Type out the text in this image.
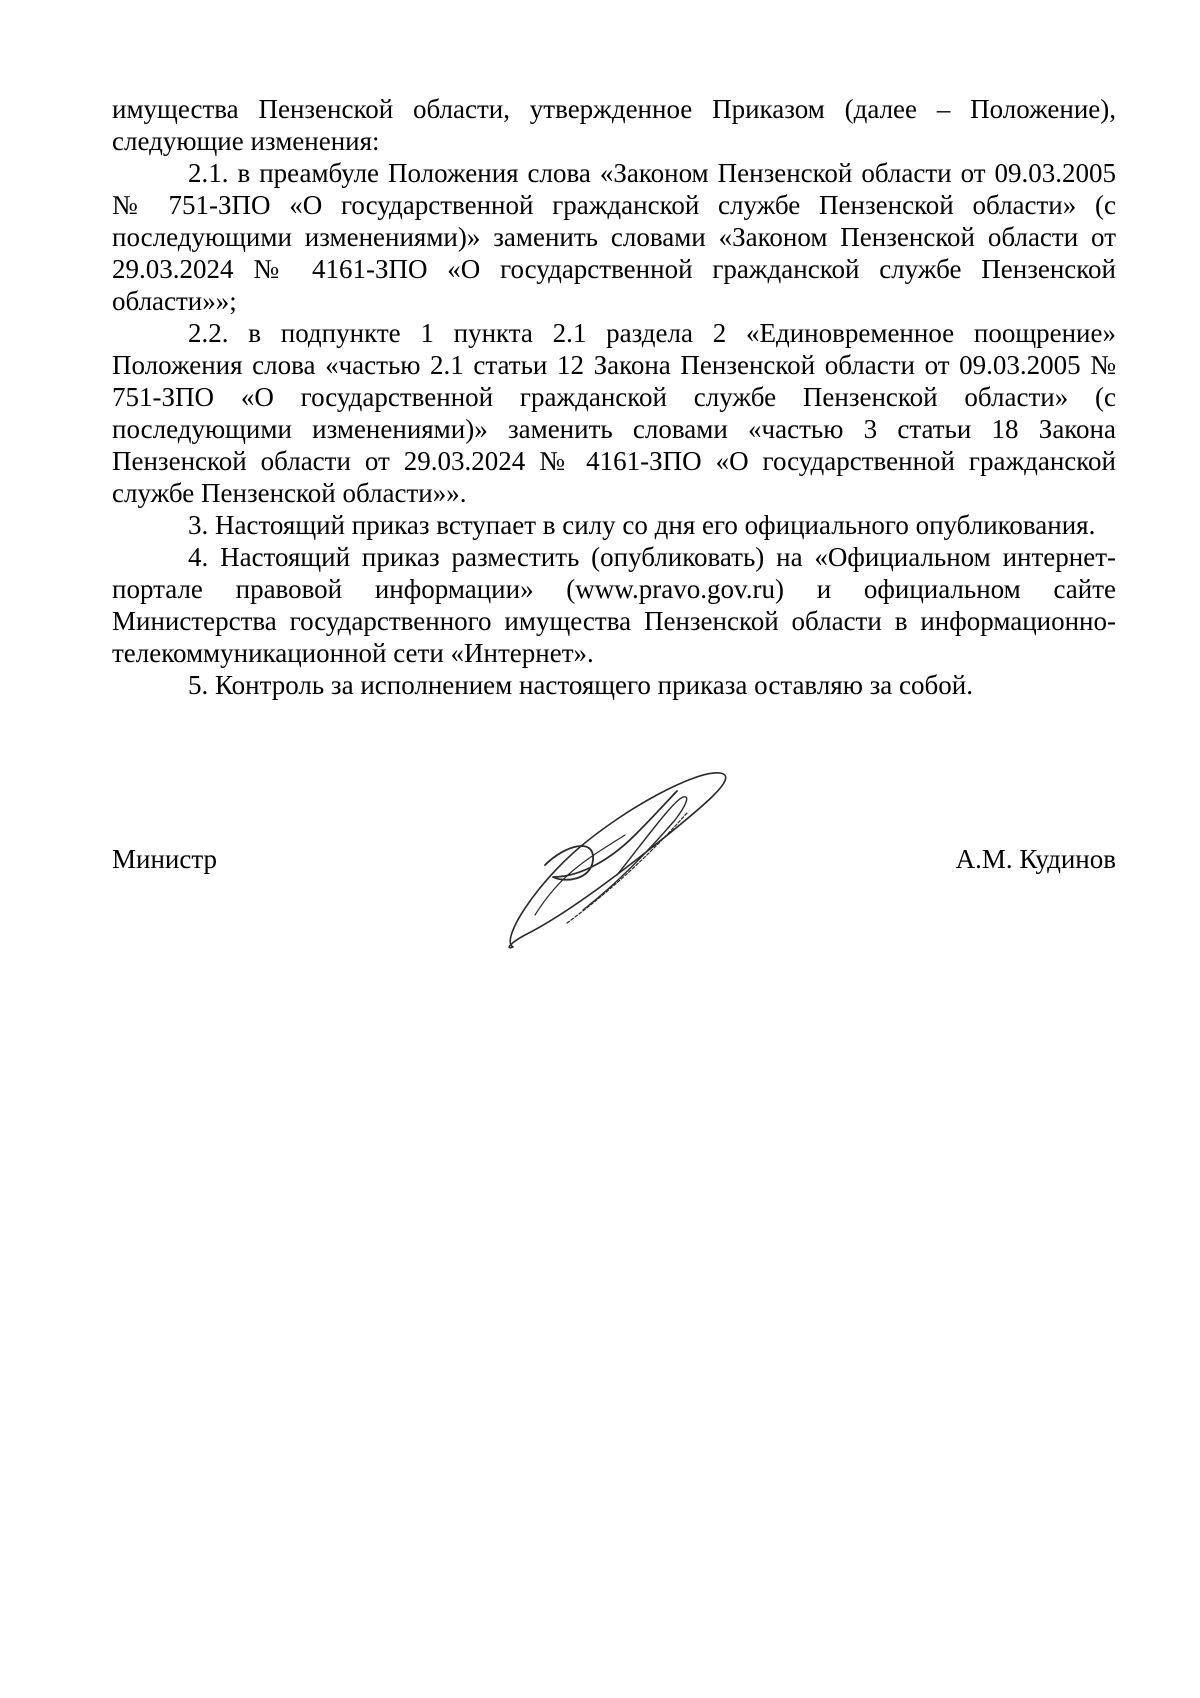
имущества Пензенской области, утвержденное Приказом (далее – Положение), следующие изменения:

2.1. в преамбуле Положения слова «Законом Пензенской области от 09.03.2005 № 751-ЗПО «О государственной гражданской службе Пензенской области» (с последующими изменениями)» заменить словами «Законом Пензенской области от 29.03.2024 № 4161-ЗПО «О государственной гражданской службе Пензенской области»»;

2.2. в подпункте 1 пункта 2.1 раздела 2 «Единовременное поощрение» Положения слова «частью 2.1 статьи 12 Закона Пензенской области от 09.03.2005 № 751-ЗПО «О государственной гражданской службе Пензенской области» (с последующими изменениями)» заменить словами «частью 3 статьи 18 Закона Пензенской области от 29.03.2024 № 4161-ЗПО «О государственной гражданской службе Пензенской области»».

3. Настоящий приказ вступает в силу со дня его официального опубликования.

4. Настоящий приказ разместить (опубликовать) на «Официальном интернет-портале правовой информации» (www.pravo.gov.ru) и официальном сайте Министерства государственного имущества Пензенской области в информационно-телекоммуникационной сети «Интернет».

5. Контроль за исполнением настоящего приказа оставляю за собой.

Министр	А.М. Кудинов
